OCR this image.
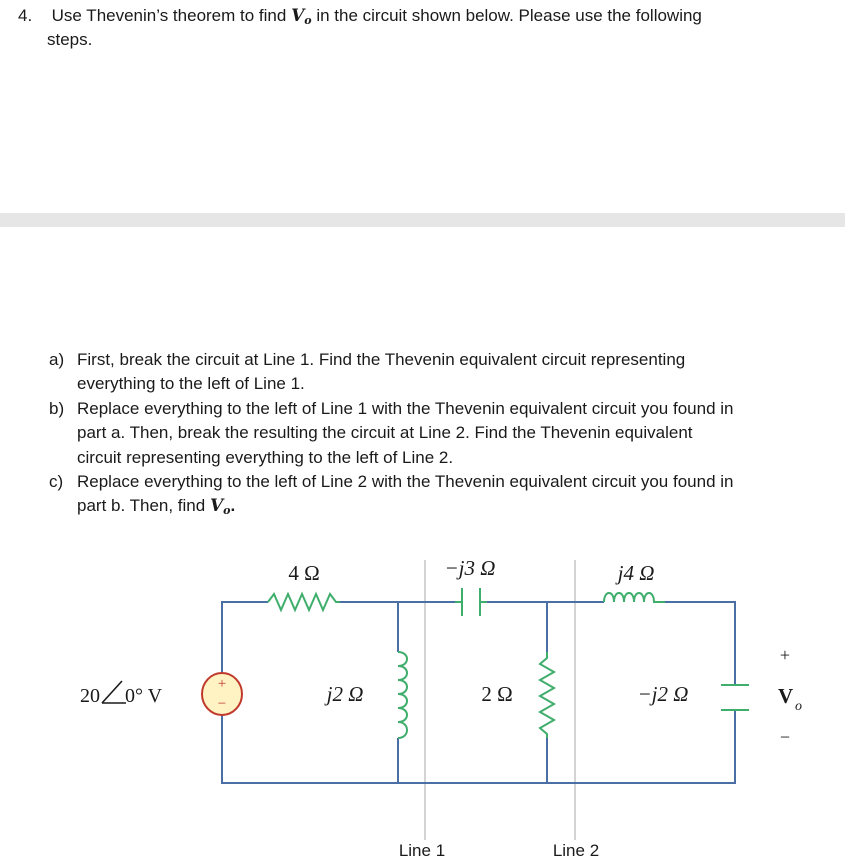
4. Use Thevenin’s theorem to find Vo in the circuit shown below. Please use the following
steps.
a) First, break the circuit at Line 1. Find the Thevenin equivalent circuit representing
everything to the left of Line 1.
b) Replace everything to the left of Line 1 with the Thevenin equivalent circuit you found in
part a. Then, break the resulting the circuit at Line 2. Find the Thevenin equivalent
circuit representing everything to the left of Line 2.
c) Replace everything to the left of Line 2 with the Thevenin equivalent circuit you found in
part b. Then, find Vo.
+
−
20 0° V
4 Ω	−j3 Ω	j4 Ω
j2 Ω	2 Ω	−j2 Ω
+
V o
−
Line 1	Line 2
